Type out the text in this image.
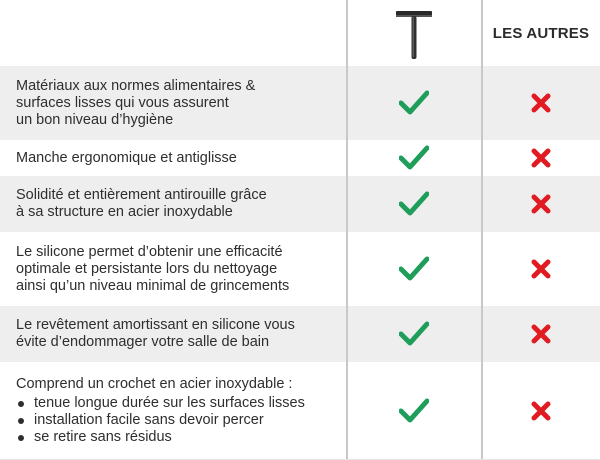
LES AUTRES
Matériaux aux normes alimentaires &
surfaces lisses qui vous assurent
un bon niveau d’hygiène
Manche ergonomique et antiglisse
Solidité et entièrement antirouille grâce
à sa structure en acier inoxydable
Le silicone permet d’obtenir une efficacité
optimale et persistante lors du nettoyage
ainsi qu’un niveau minimal de grincements
Le revêtement amortissant en silicone vous
évite d’endommager votre salle de bain
Comprend un crochet en acier inoxydable :
tenue longue durée sur les surfaces lisses
installation facile sans devoir percer
se retire sans résidus
